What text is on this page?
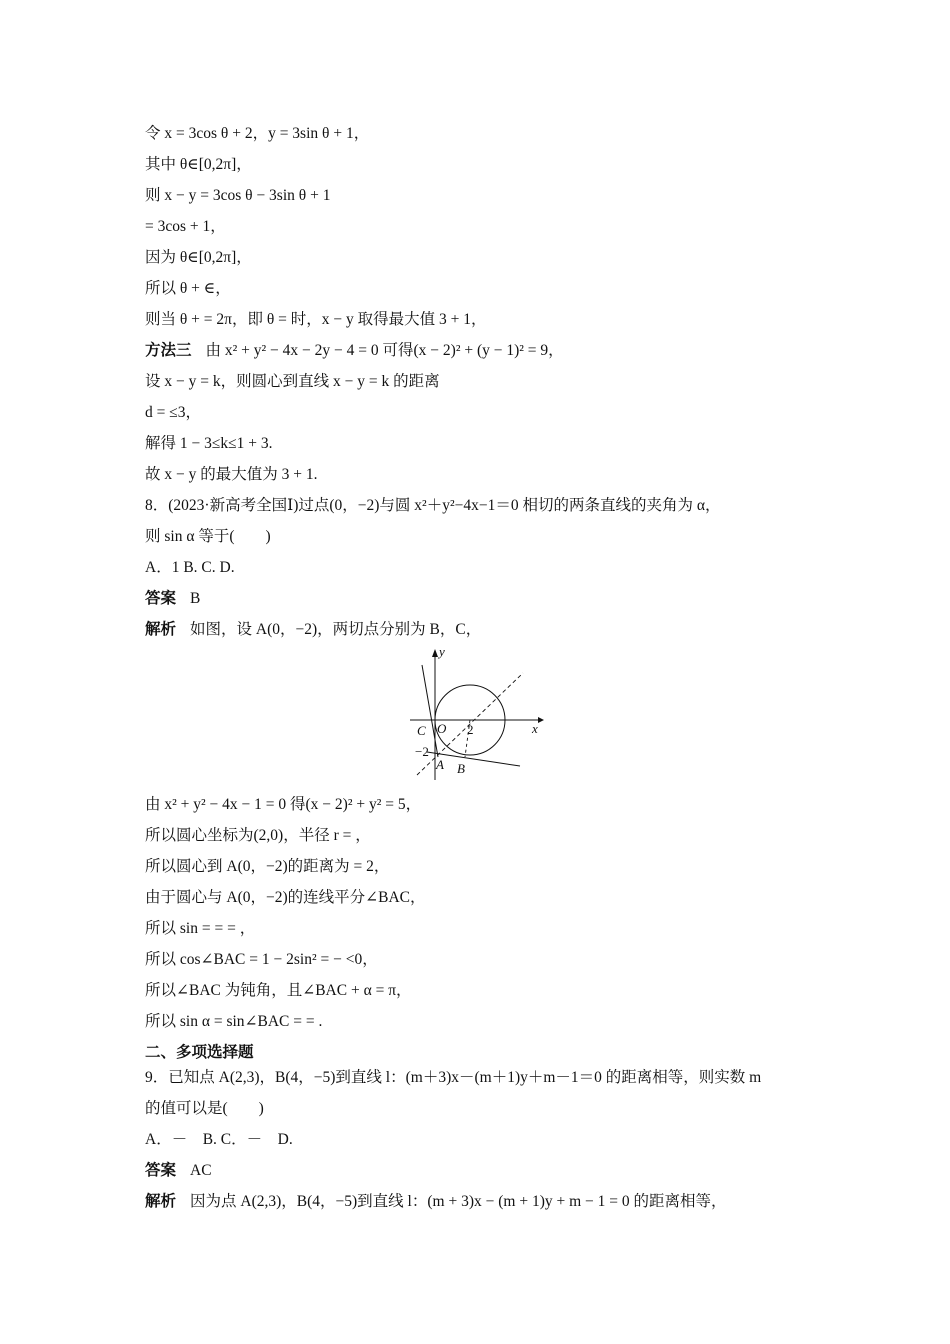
令 x = 3cos θ + 2，y = 3sin θ + 1，
其中 θ∈[0,2π]，
则 x − y = 3cos θ − 3sin θ + 1
= 3cos + 1，
因为 θ∈[0,2π]，
所以 θ + ∈，
则当 θ + = 2π，即 θ = 时，x − y 取得最大值 3 + 1，
方法三 由 x² + y² − 4x − 2y − 4 = 0 可得(x − 2)² + (y − 1)² = 9，
设 x − y = k，则圆心到直线 x − y = k 的距离
d = ≤3，
解得 1 − 3≤k≤1 + 3.
故 x − y 的最大值为 3 + 1.
8．(2023·新高考全国Ⅰ)过点(0，−2)与圆 x²＋y²−4x−1＝0 相切的两条直线的夹角为 α，
则 sin α 等于(　　)
A．1 B. C. D.
答案 B
解析 如图，设 A(0，−2)，两切点分别为 B，C，
由 x² + y² − 4x − 1 = 0 得(x − 2)² + y² = 5，
所以圆心坐标为(2,0)，半径 r = ，
所以圆心到 A(0，−2)的距离为 = 2，
由于圆心与 A(0，−2)的连线平分∠BAC，
所以 sin = = = ，
所以 cos∠BAC = 1 − 2sin² = − <0，
所以∠BAC 为钝角，且∠BAC + α = π，
所以 sin α = sin∠BAC = = .
二、多项选择题
9．已知点 A(2,3)，B(4，−5)到直线 l：(m＋3)x－(m＋1)y＋m－1＝0 的距离相等，则实数 m
的值可以是(　　)
A．－　B. C．－　D.
答案 AC
解析 因为点 A(2,3)，B(4，−5)到直线 l：(m + 3)x − (m + 1)y + m − 1 = 0 的距离相等，
y
x
O 2
−2
C
A B
